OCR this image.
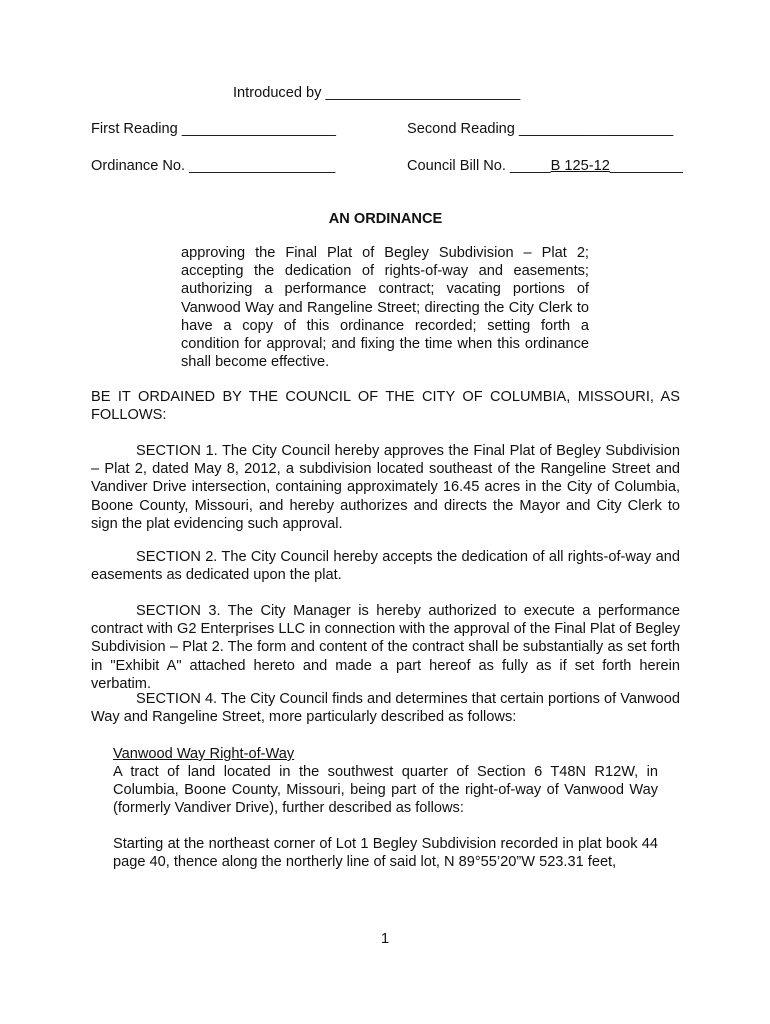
Introduced by ________________________
First Reading ___________________	Second Reading ___________________
Ordinance No. __________________	Council Bill No. _____B 125-12_________
AN ORDINANCE
approving the Final Plat of Begley Subdivision – Plat 2; accepting the dedication of rights-of-way and easements; authorizing a performance contract; vacating portions of Vanwood Way and Rangeline Street; directing the City Clerk to have a copy of this ordinance recorded; setting forth a condition for approval; and fixing the time when this ordinance shall become effective.
BE IT ORDAINED BY THE COUNCIL OF THE CITY OF COLUMBIA, MISSOURI, AS FOLLOWS:
SECTION 1. The City Council hereby approves the Final Plat of Begley Subdivision – Plat 2, dated May 8, 2012, a subdivision located southeast of the Rangeline Street and Vandiver Drive intersection, containing approximately 16.45 acres in the City of Columbia, Boone County, Missouri, and hereby authorizes and directs the Mayor and City Clerk to sign the plat evidencing such approval.
SECTION 2. The City Council hereby accepts the dedication of all rights-of-way and easements as dedicated upon the plat.
SECTION 3. The City Manager is hereby authorized to execute a performance contract with G2 Enterprises LLC in connection with the approval of the Final Plat of Begley Subdivision – Plat 2. The form and content of the contract shall be substantially as set forth in "Exhibit A" attached hereto and made a part hereof as fully as if set forth herein verbatim.
SECTION 4. The City Council finds and determines that certain portions of Vanwood Way and Rangeline Street, more particularly described as follows:
Vanwood Way Right-of-Way
A tract of land located in the southwest quarter of Section 6 T48N R12W, in Columbia, Boone County, Missouri, being part of the right-of-way of Vanwood Way (formerly Vandiver Drive), further described as follows:
Starting at the northeast corner of Lot 1 Begley Subdivision recorded in plat book 44 page 40, thence along the northerly line of said lot, N 89°55’20”W 523.31 feet,
1
